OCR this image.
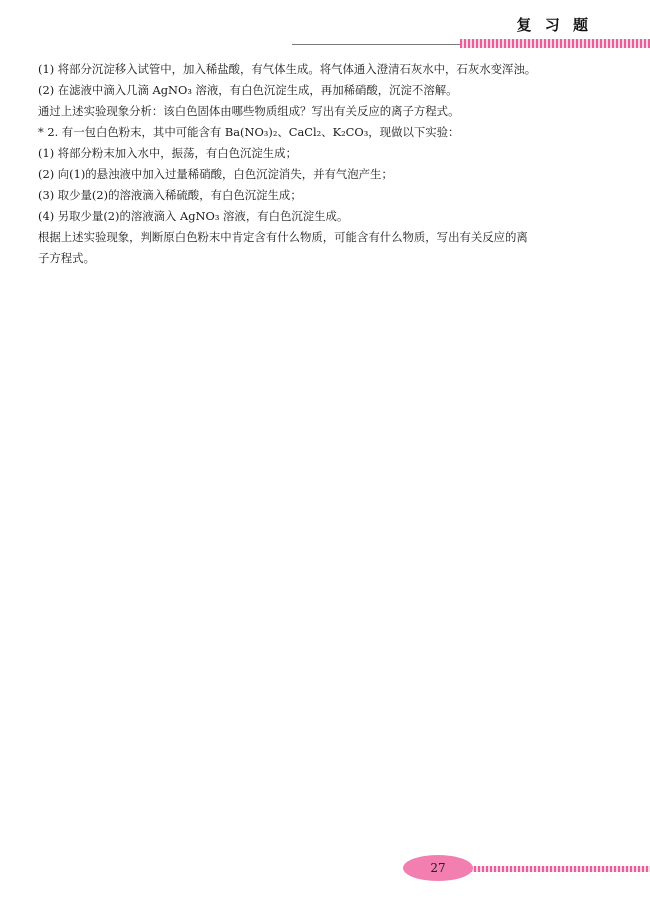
复 习 题

(1) 将部分沉淀移入试管中，加入稀盐酸，有气体生成。将气体通入澄清石灰水中，石灰水变浑浊。

(2) 在滤液中滴入几滴 AgNO₃ 溶液，有白色沉淀生成，再加稀硝酸，沉淀不溶解。

通过上述实验现象分析：该白色固体由哪些物质组成？写出有关反应的离子方程式。

* 2. 有一包白色粉末，其中可能含有 Ba(NO₃)₂、CaCl₂、K₂CO₃，现做以下实验：

(1) 将部分粉末加入水中，振荡，有白色沉淀生成；

(2) 向(1)的悬浊液中加入过量稀硝酸，白色沉淀消失，并有气泡产生；

(3) 取少量(2)的溶液滴入稀硫酸，有白色沉淀生成；

(4) 另取少量(2)的溶液滴入 AgNO₃ 溶液，有白色沉淀生成。

根据上述实验现象，判断原白色粉末中肯定含有什么物质，可能含有什么物质，写出有关反应的离

子方程式。

27
